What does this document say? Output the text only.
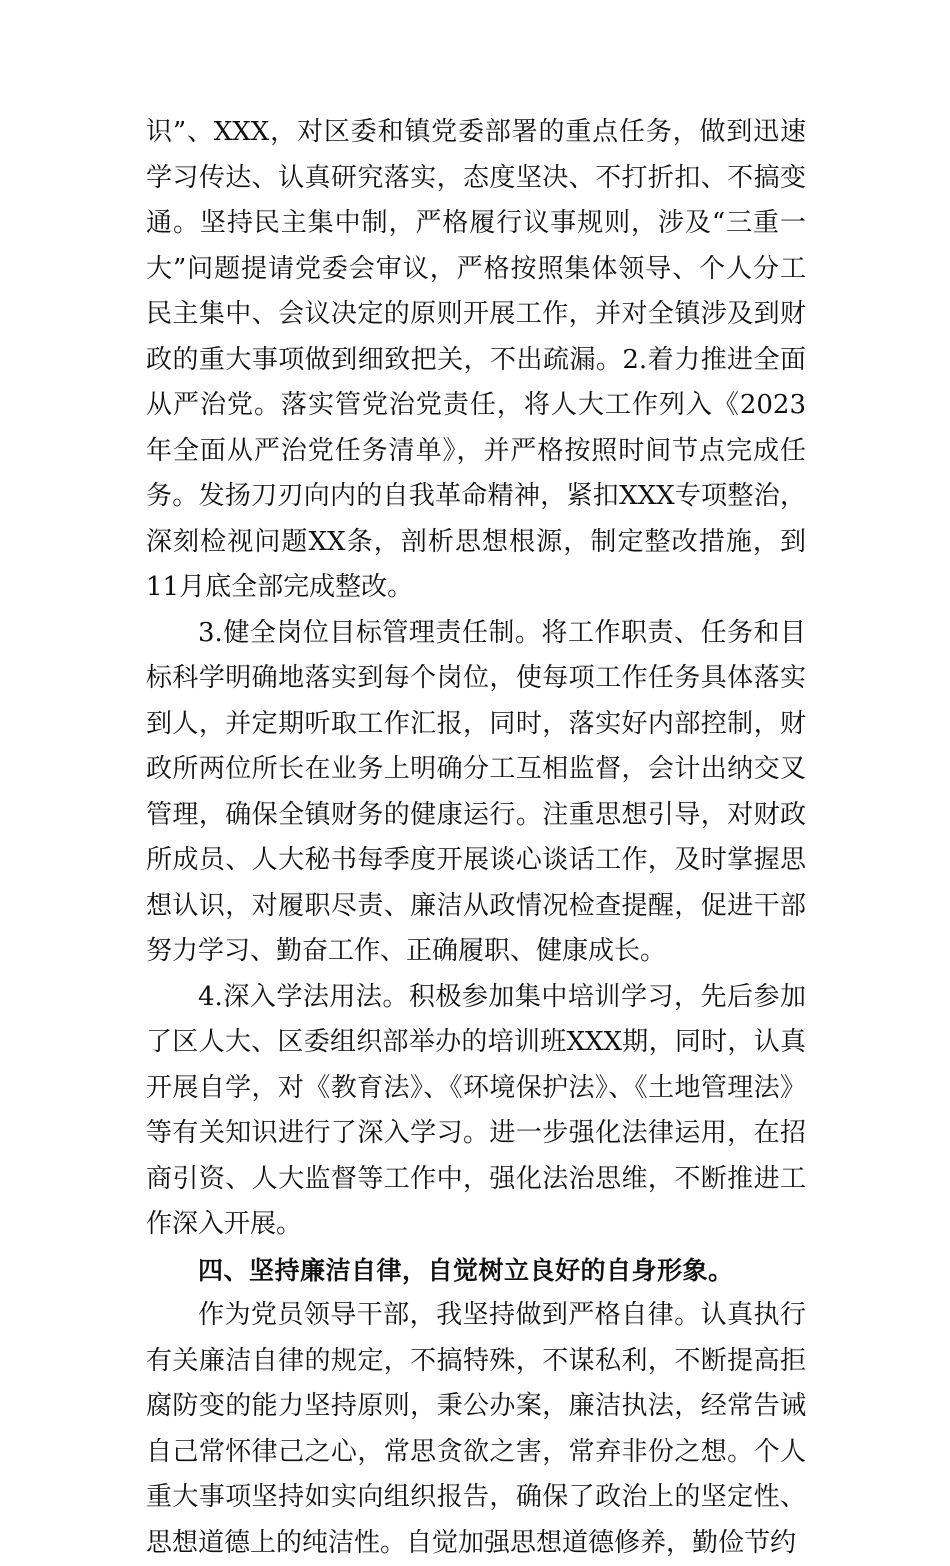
识”、XXX，对区委和镇党委部署的重点任务，做到迅速学习传达、认真研究落实，态度坚决、不打折扣、不搞变通。坚持民主集中制，严格履行议事规则，涉及“三重一大”问题提请党委会审议，严格按照集体领导、个人分工民主集中、会议决定的原则开展工作，并对全镇涉及到财政的重大事项做到细致把关，不出疏漏。2.着力推进全面从严治党。落实管党治党责任，将人大工作列入《2023年全面从严治党任务清单》，并严格按照时间节点完成任务。发扬刀刃向内的自我革命精神，紧扣XXX专项整治，深刻检视问题XX条，剖析思想根源，制定整改措施，到11月底全部完成整改。

3.健全岗位目标管理责任制。将工作职责、任务和目标科学明确地落实到每个岗位，使每项工作任务具体落实到人，并定期听取工作汇报，同时，落实好内部控制，财政所两位所长在业务上明确分工互相监督，会计出纳交叉管理，确保全镇财务的健康运行。注重思想引导，对财政所成员、人大秘书每季度开展谈心谈话工作，及时掌握思想认识，对履职尽责、廉洁从政情况检查提醒，促进干部努力学习、勤奋工作、正确履职、健康成长。

4.深入学法用法。积极参加集中培训学习，先后参加了区人大、区委组织部举办的培训班XXX期，同时，认真开展自学，对《教育法》、《环境保护法》、《土地管理法》等有关知识进行了深入学习。进一步强化法律运用，在招商引资、人大监督等工作中，强化法治思维，不断推进工作深入开展。

四、坚持廉洁自律，自觉树立良好的自身形象。

作为党员领导干部，我坚持做到严格自律。认真执行有关廉洁自律的规定，不搞特殊，不谋私利，不断提高拒腐防变的能力坚持原则，秉公办案，廉洁执法，经常告诫自己常怀律己之心，常思贪欲之害，常弃非份之想。个人重大事项坚持如实向组织报告，确保了政治上的坚定性、思想道德上的纯洁性。自觉加强思想道德修养，勤俭节约
